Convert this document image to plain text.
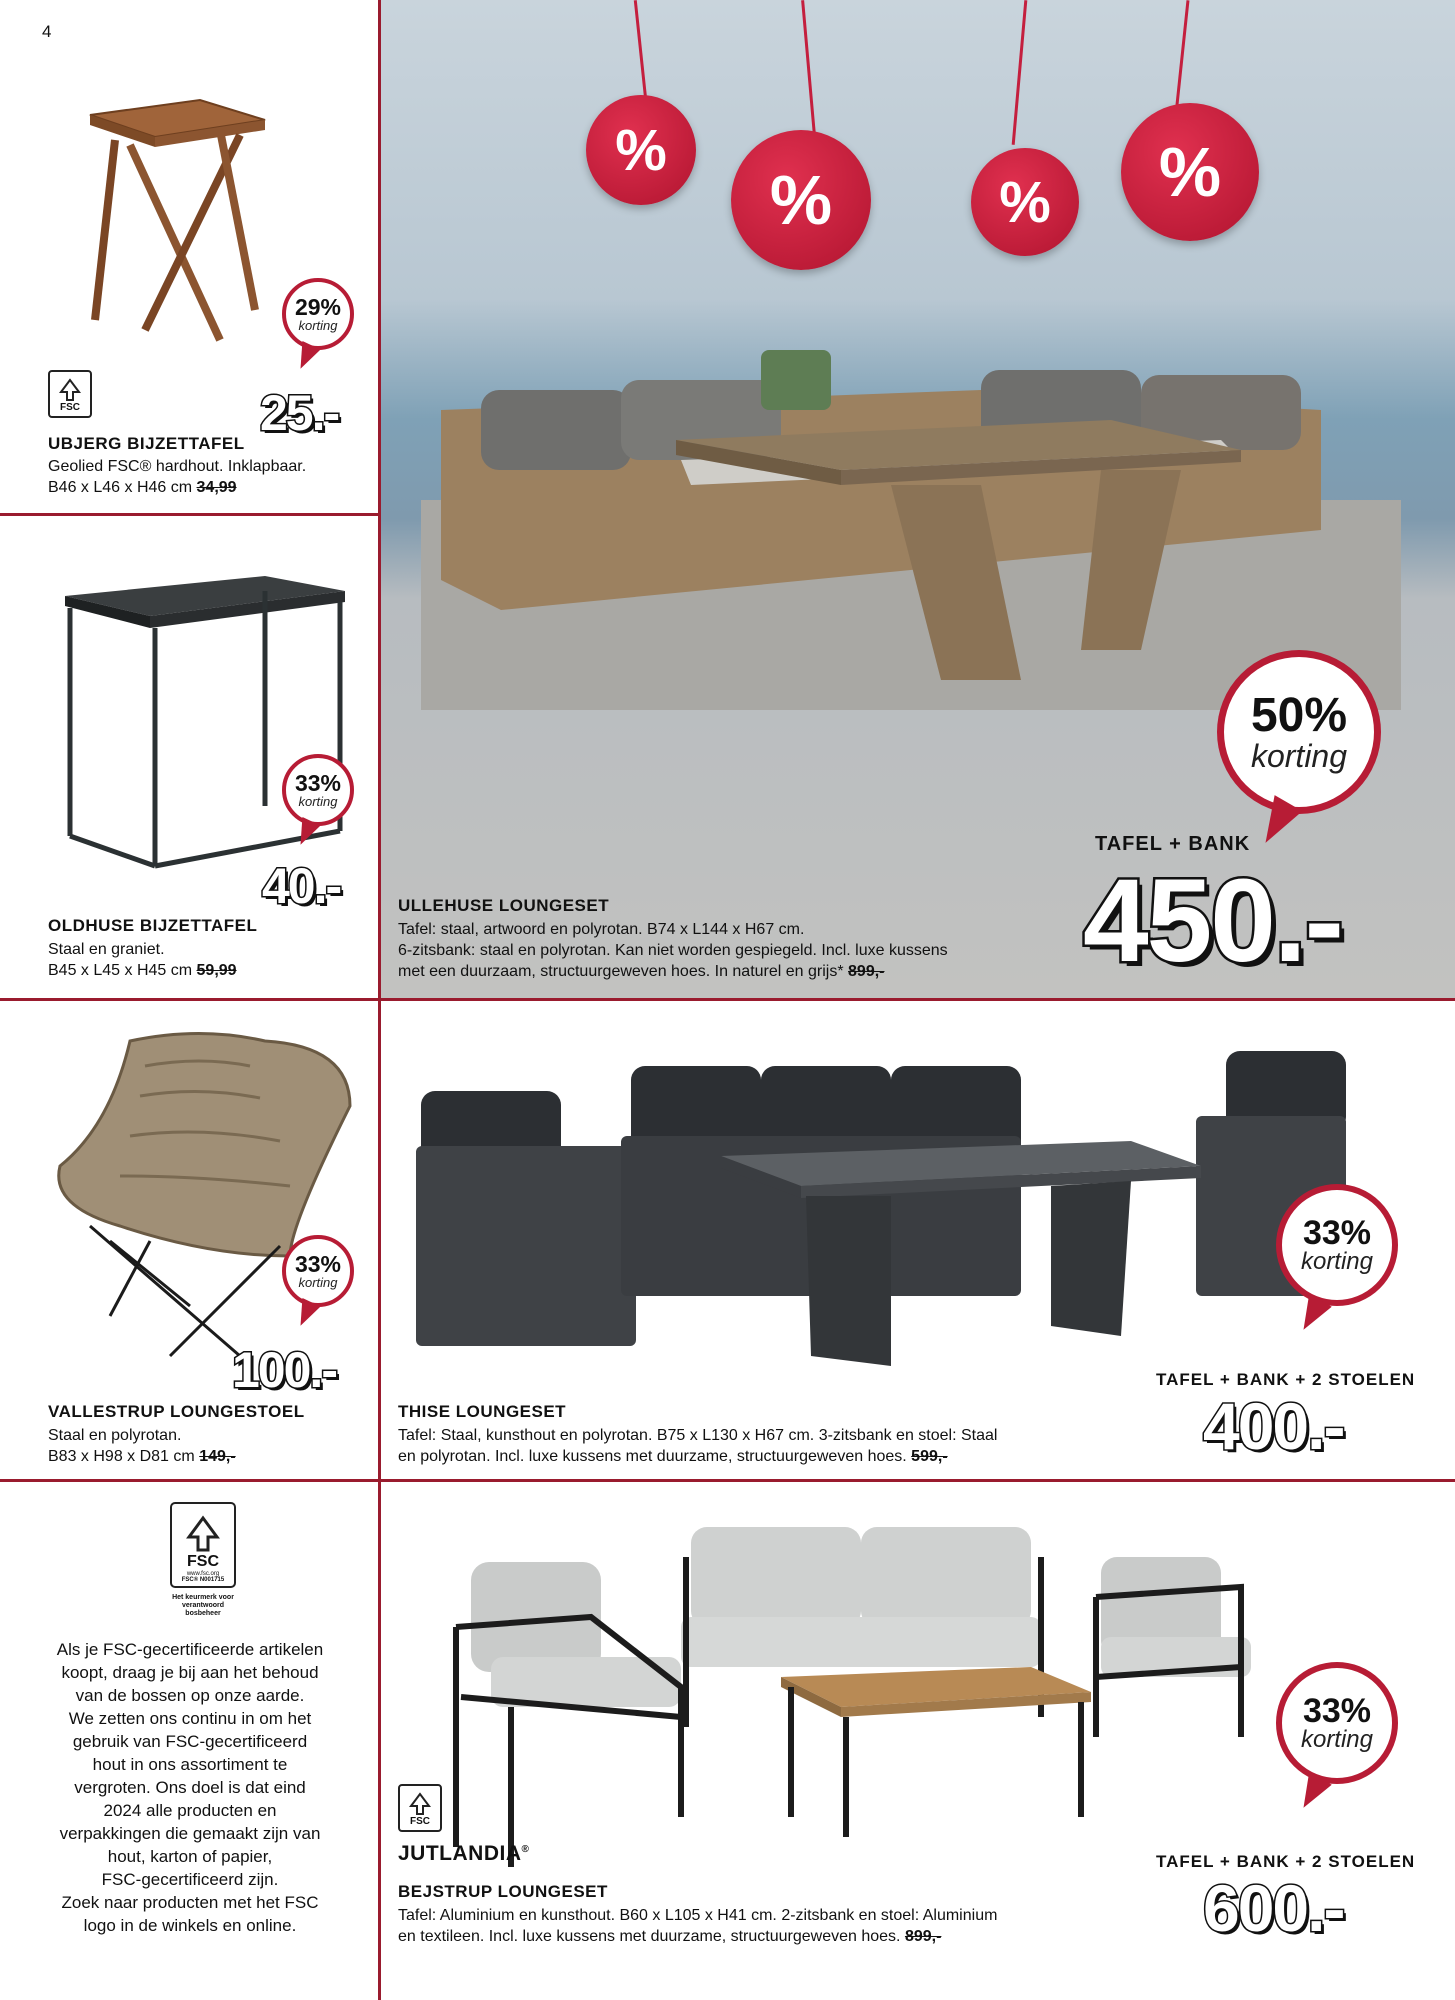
4
29%
korting
FSC	25.-
UBJERG BIJZETTAFEL
Geolied FSC® hardhout. Inklapbaar.
B46 x L46 x H46 cm 34,99
33%
korting
40.-
OLDHUSE BIJZETTAFEL
Staal en graniet.
B45 x L45 x H45 cm 59,99
%
%	% %
50%
korting
TAFEL + BANK
450.-
ULLEHUSE LOUNGESET
Tafel: staal, artwoord en polyrotan. B74 x L144 x H67 cm.
6-zitsbank: staal en polyrotan. Kan niet worden gespiegeld. Incl. luxe kussens
met een duurzaam, structuurgeweven hoes. In naturel en grijs* 899,-
33%
korting
100.-
VALLESTRUP LOUNGESTOEL
Staal en polyrotan.
B83 x H98 x D81 cm 149,-
33%
korting
TAFEL + BANK + 2 STOELEN
400.-
THISE LOUNGESET
Tafel: Staal, kunsthout en polyrotan. B75 x L130 x H67 cm. 3-zitsbank en stoel: Staal
en polyrotan. Incl. luxe kussens met duurzame, structuurgeweven hoes. 599,-
FSC
www.fsc.org
FSC® N001715
Het keurmerk voor
verantwoord
bosbeheer
Als je FSC-gecertificeerde artikelen
koopt, draag je bij aan het behoud
van de bossen op onze aarde.
We zetten ons continu in om het
gebruik van FSC-gecertificeerd
hout in ons assortiment te
vergroten. Ons doel is dat eind
2024 alle producten en
verpakkingen die gemaakt zijn van
hout, karton of papier,
FSC-gecertificeerd zijn.
Zoek naar producten met het FSC
logo in de winkels en online.
33%
korting
FSC
JUTLANDIA®
TAFEL + BANK + 2 STOELEN
600.-
BEJSTRUP LOUNGESET
Tafel: Aluminium en kunsthout. B60 x L105 x H41 cm. 2-zitsbank en stoel: Aluminium
en textileen. Incl. luxe kussens met duurzame, structuurgeweven hoes. 899,-
